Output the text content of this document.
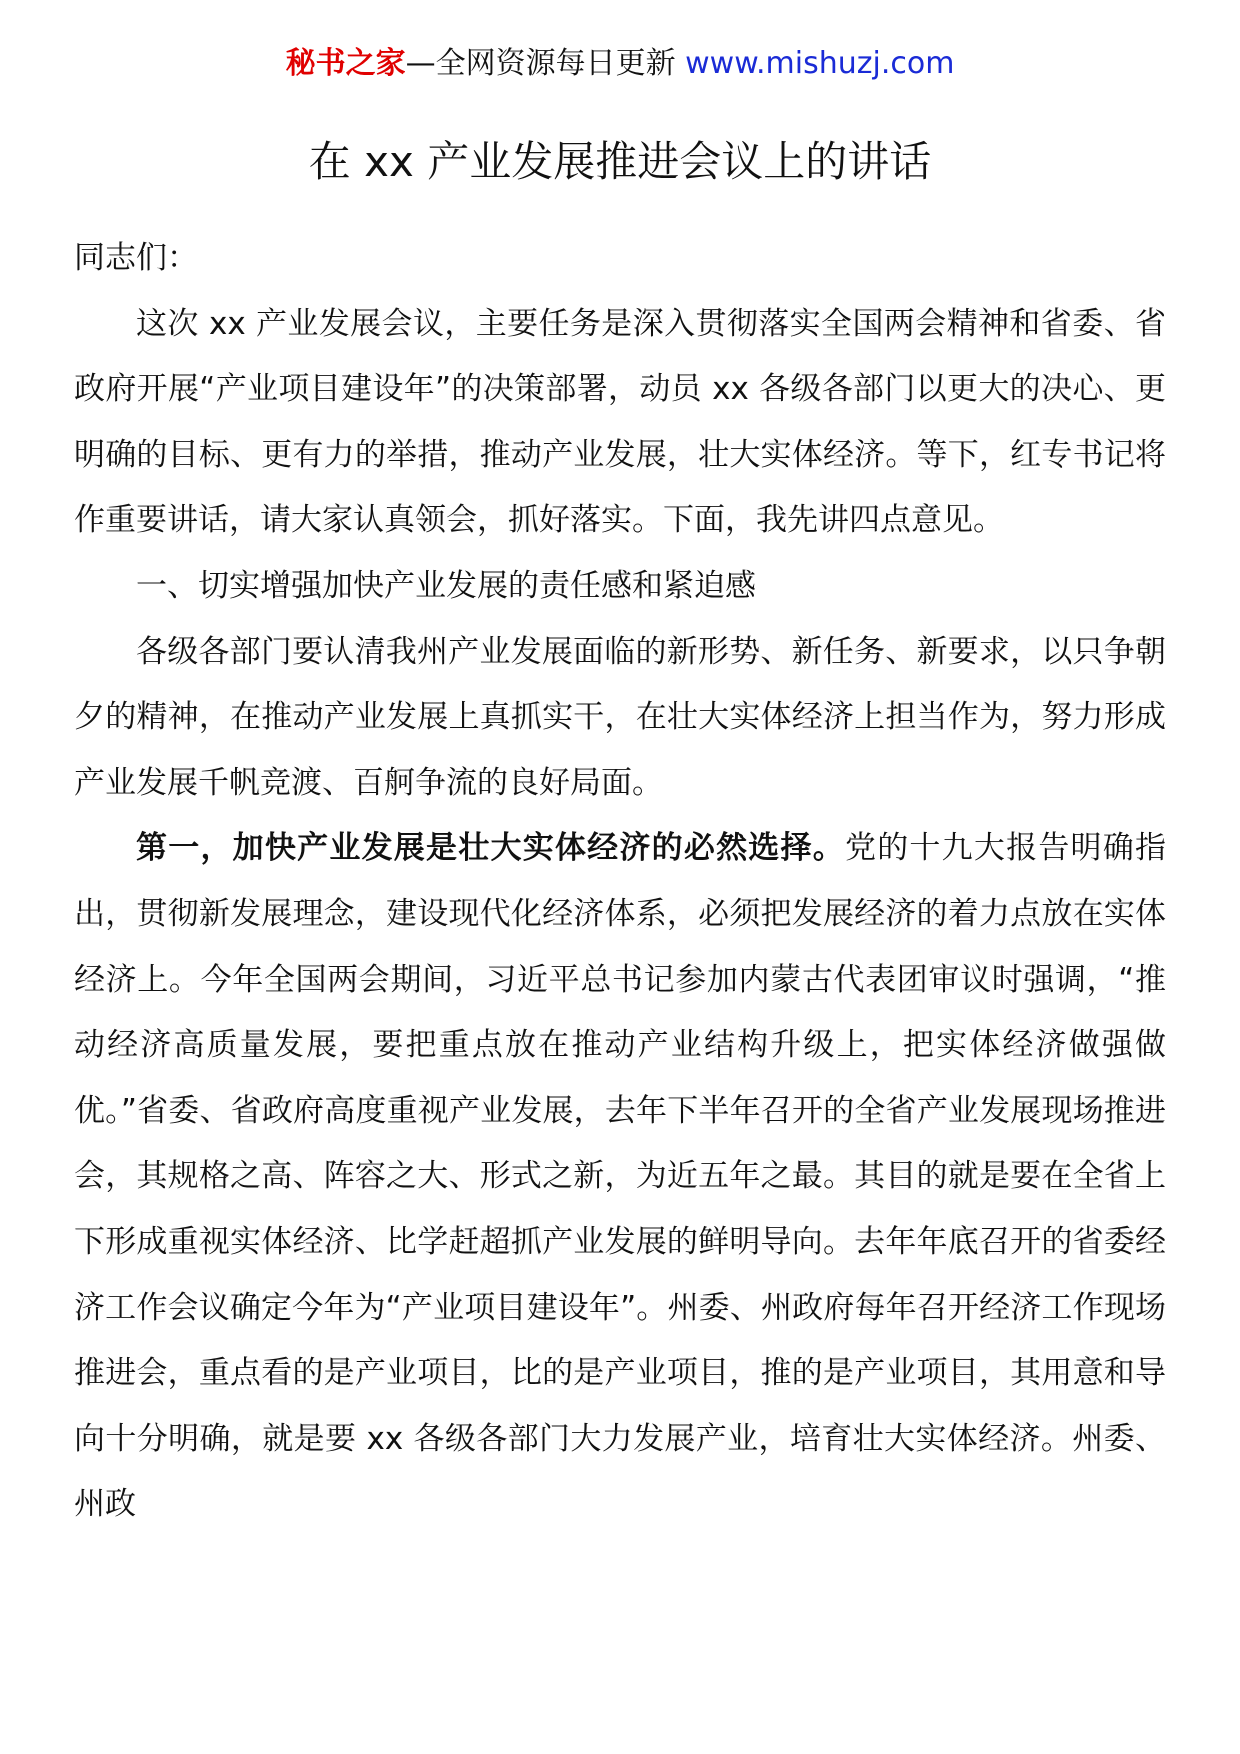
秘书之家—全网资源每日更新 www.mishuzj.com
在 xx 产业发展推进会议上的讲话

同志们：

这次 xx 产业发展会议，主要任务是深入贯彻落实全国两会精神和省委、省政府开展“产业项目建设年”的决策部署，动员 xx 各级各部门以更大的决心、更明确的目标、更有力的举措，推动产业发展，壮大实体经济。等下，红专书记将作重要讲话，请大家认真领会，抓好落实。下面，我先讲四点意见。

一、切实增强加快产业发展的责任感和紧迫感

各级各部门要认清我州产业发展面临的新形势、新任务、新要求，以只争朝夕的精神，在推动产业发展上真抓实干，在壮大实体经济上担当作为，努力形成产业发展千帆竞渡、百舸争流的良好局面。

第一，加快产业发展是壮大实体经济的必然选择。党的十九大报告明确指出，贯彻新发展理念，建设现代化经济体系，必须把发展经济的着力点放在实体经济上。今年全国两会期间，习近平总书记参加内蒙古代表团审议时强调，“推动经济高质量发展，要把重点放在推动产业结构升级上，把实体经济做强做优。”省委、省政府高度重视产业发展，去年下半年召开的全省产业发展现场推进会，其规格之高、阵容之大、形式之新，为近五年之最。其目的就是要在全省上下形成重视实体经济、比学赶超抓产业发展的鲜明导向。去年年底召开的省委经济工作会议确定今年为“产业项目建设年”。州委、州政府每年召开经济工作现场推进会，重点看的是产业项目，比的是产业项目，推的是产业项目，其用意和导向十分明确，就是要 xx 各级各部门大力发展产业，培育壮大实体经济。州委、州政
